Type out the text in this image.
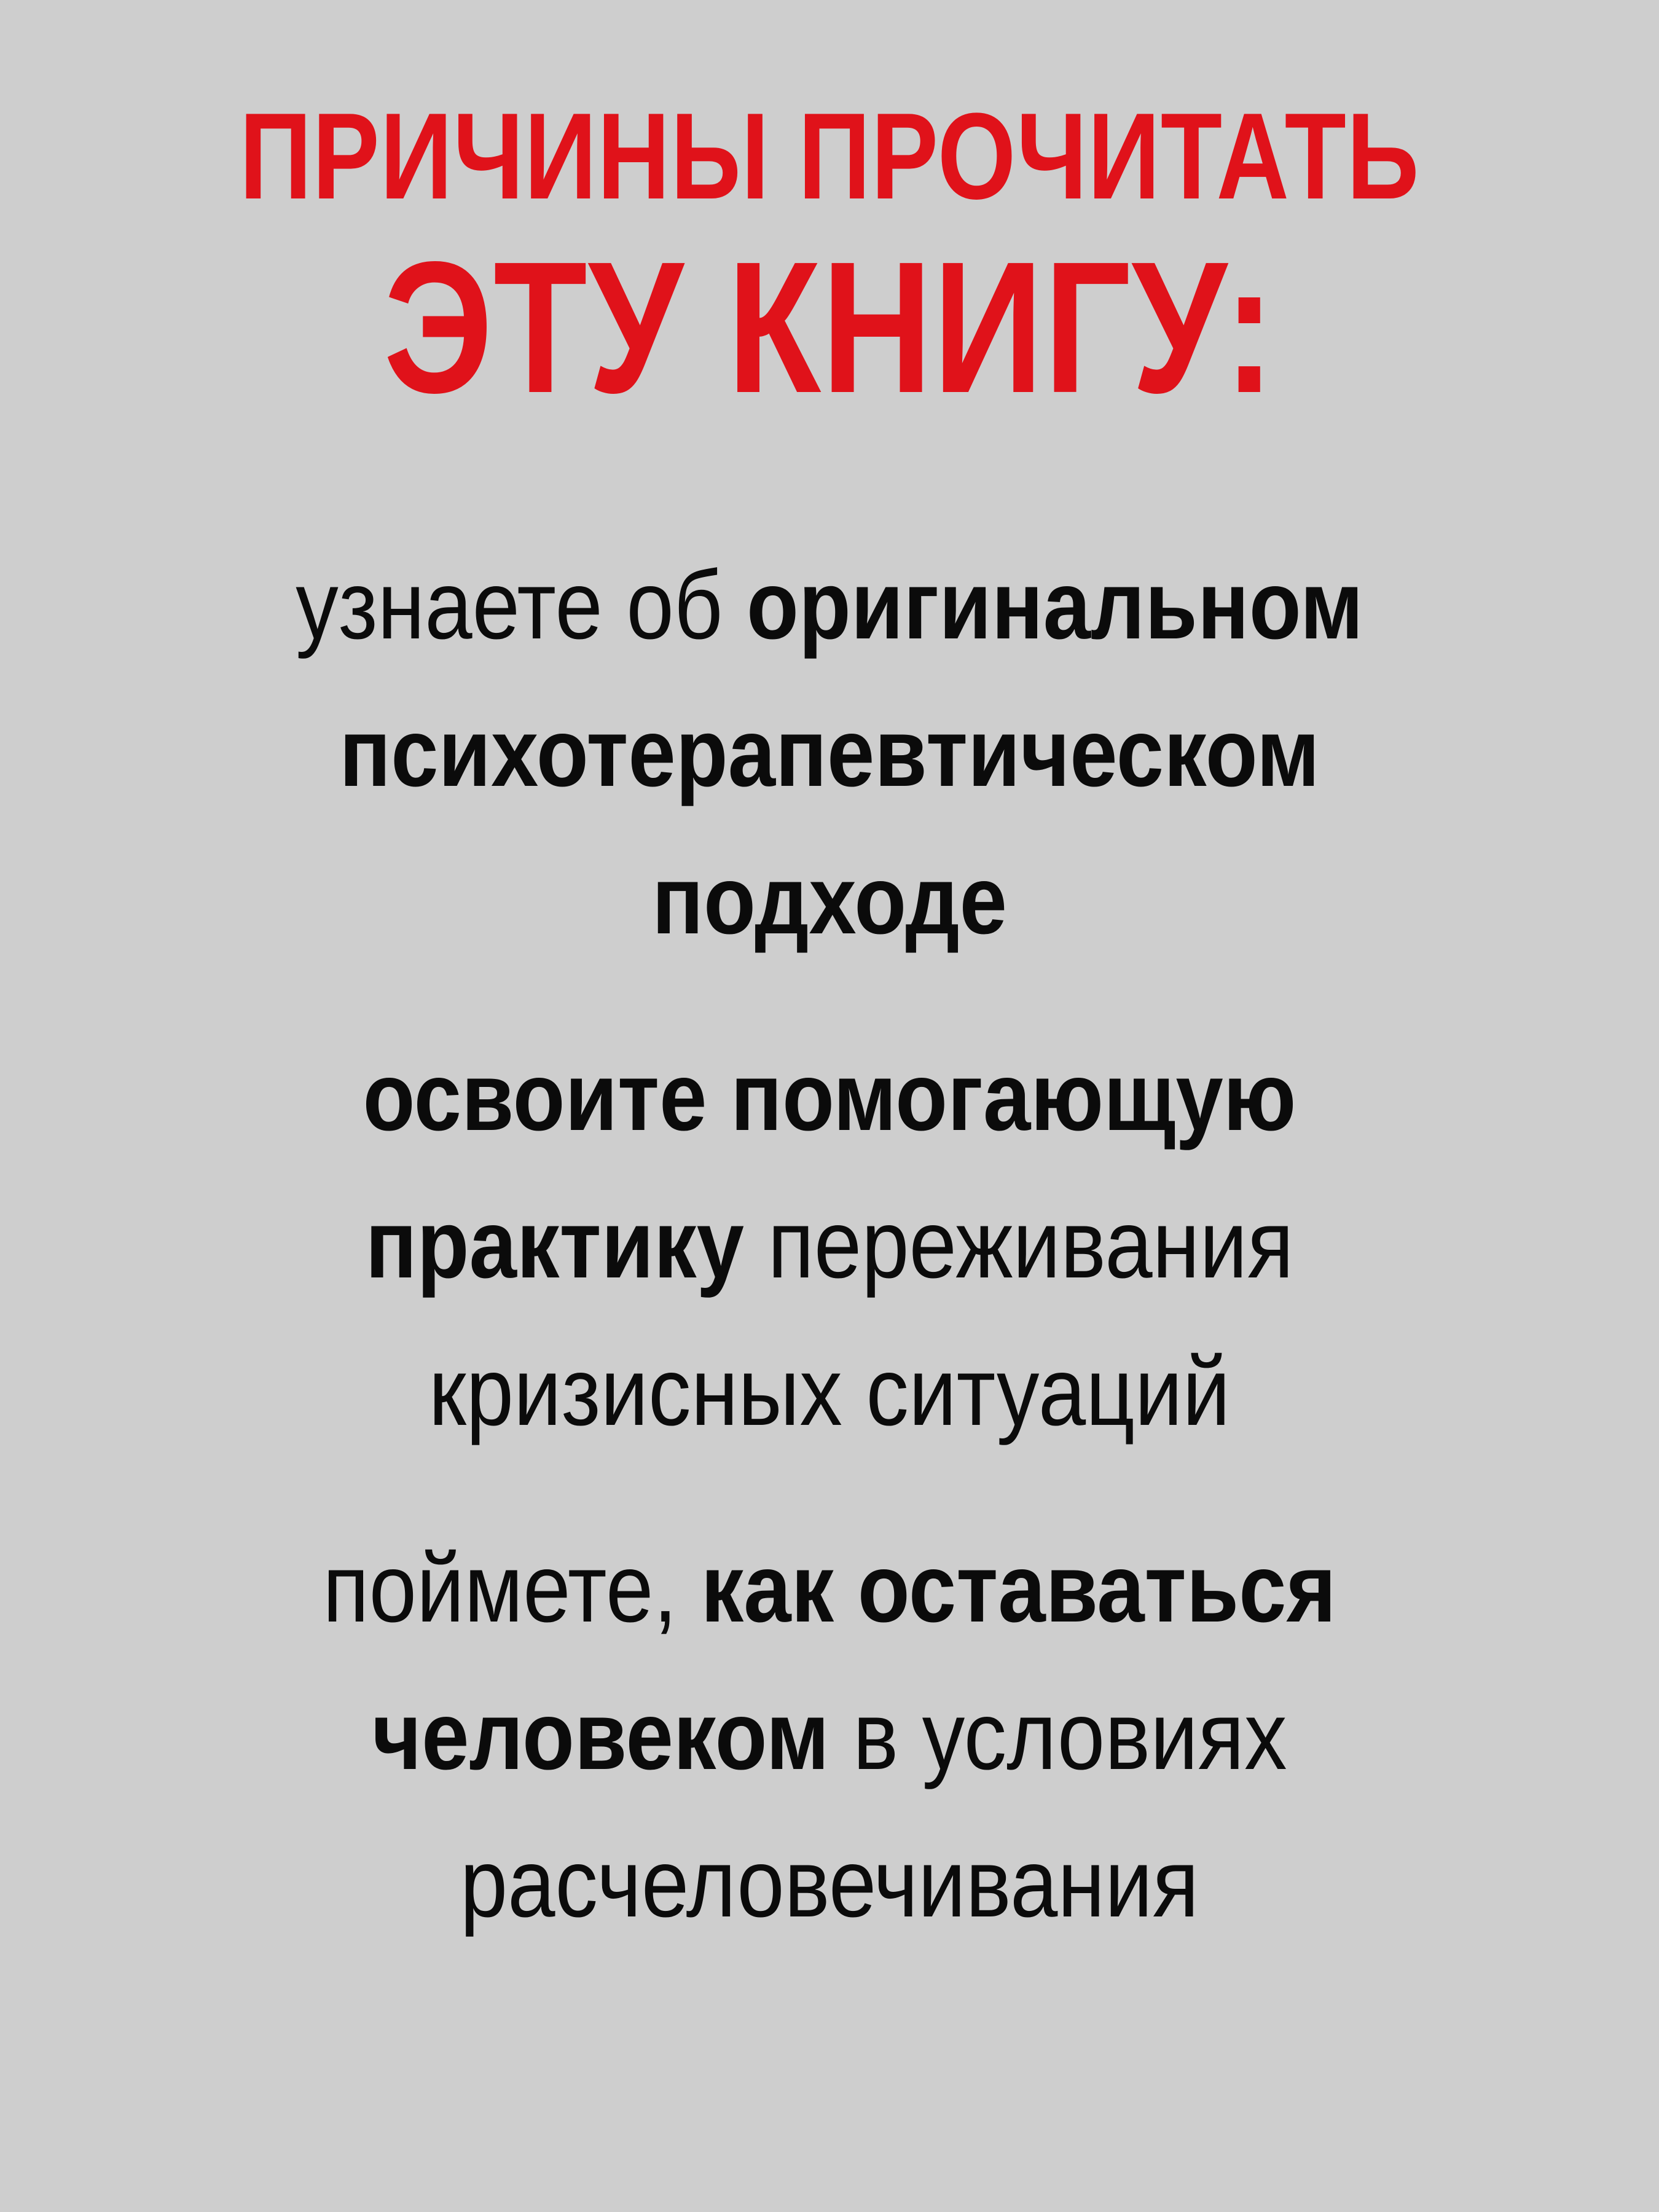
ПРИЧИНЫ ПРОЧИТАТЬ
ЭТУ КНИГУ:

узнаете об оригинальном
психотерапевтическом
подходе

освоите помогающую
практику переживания
кризисных ситуаций

поймете, как оставаться
человеком в условиях
расчеловечивания
